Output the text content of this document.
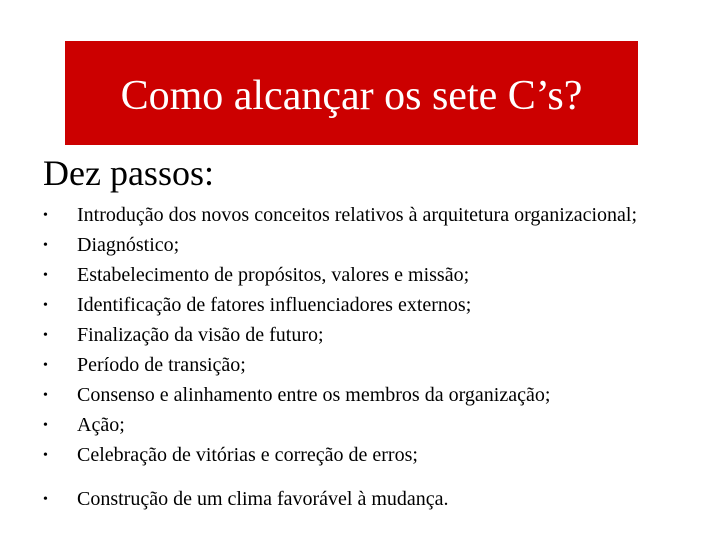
Como alcançar os sete C’s?
Dez passos:
•	Introdução dos novos conceitos relativos à arquitetura organizacional;
•	Diagnóstico;
•	Estabelecimento de propósitos, valores e missão;
•	Identificação de fatores influenciadores externos;
•	Finalização da visão de futuro;
•	Período de transição;
•	Consenso e alinhamento entre os membros da organização;
•	Ação;
•	Celebração de vitórias e correção de erros;
•	Construção de um clima favorável à mudança.
